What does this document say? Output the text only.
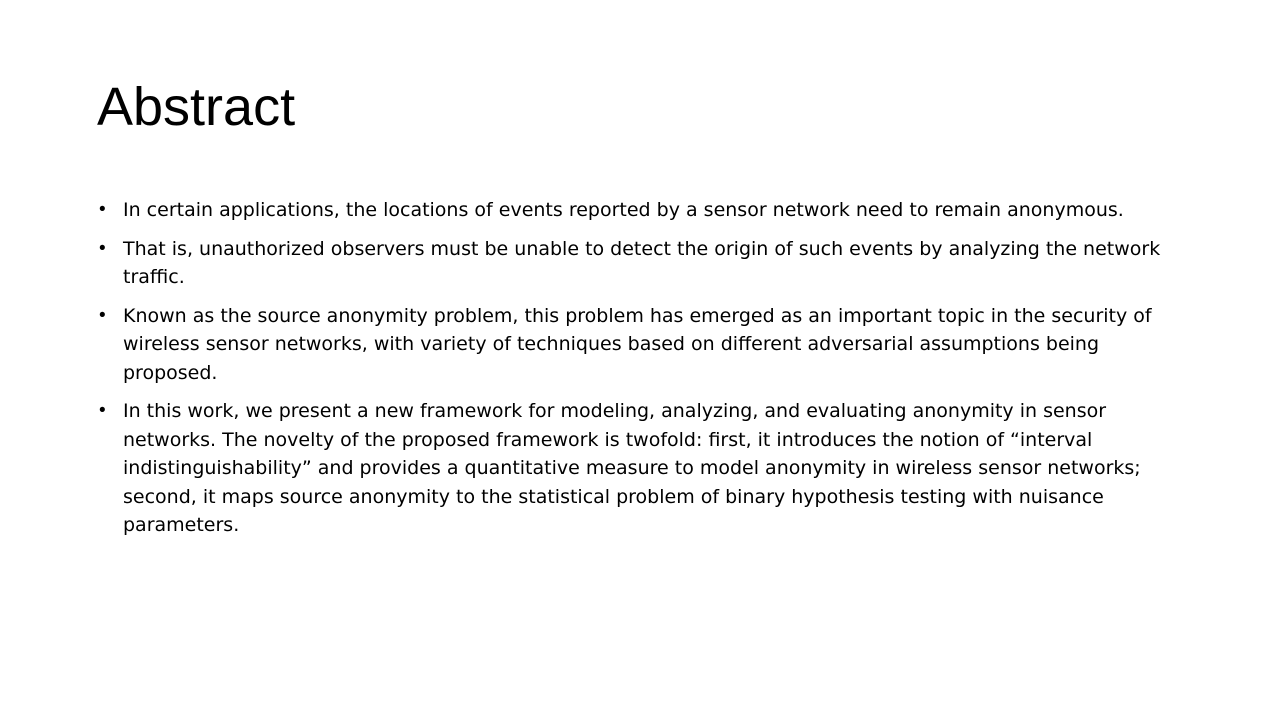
Abstract
• In certain applications, the locations of events reported by a sensor network need to remain anonymous.
• That is, unauthorized observers must be unable to detect the origin of such events by analyzing the network traffic.
• Known as the source anonymity problem, this problem has emerged as an important topic in the security of wireless sensor networks, with variety of techniques based on different adversarial assumptions being proposed.
• In this work, we present a new framework for modeling, analyzing, and evaluating anonymity in sensor networks. The novelty of the proposed framework is twofold: first, it introduces the notion of “interval indistinguishability” and provides a quantitative measure to model anonymity in wireless sensor networks; second, it maps source anonymity to the statistical problem of binary hypothesis testing with nuisance parameters.
